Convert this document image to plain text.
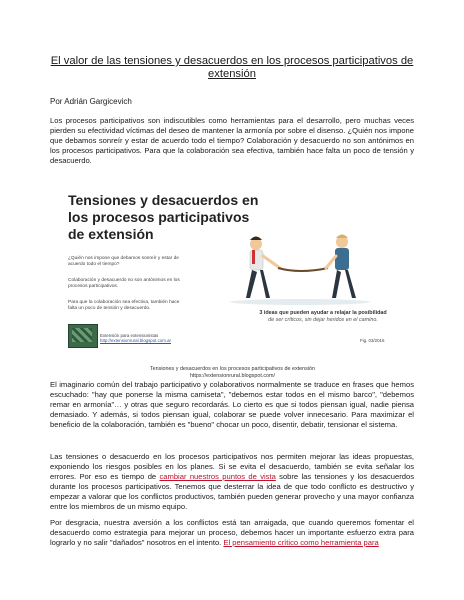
El valor de las tensiones y desacuerdos en los procesos participativos de extensión

Por Adrián Gargicevich

Los procesos participativos son indiscutibles como herramientas para el desarrollo, pero muchas veces pierden su efectividad víctimas del deseo de mantener la armonía por sobre el disenso. ¿Quién nos impone que debamos sonreír y estar de acuerdo todo el tiempo? Colaboración y desacuerdo no son antónimos en los procesos participativos. Para que la colaboración sea efectiva, también hace falta un poco de tensión y desacuerdo.

Tensiones y desacuerdos en los procesos participativos de extensión

¿Quién nos impone que debamos sonreír y estar de acuerdo todo el tiempo?

Colaboración y desacuerdo no son antónimos en los procesos participativos.

Para que la colaboración sea efectiva, también hace falta un poco de tensión y desacuerdo.

3 ideas que pueden ayudar a relajar la posibilidad
de ser críticos, sin dejar heridos en el camino.

Extensión para extensionistas

http://extensionrural.blogspot.com.ar	Fig. 03/2016

Tensiones y desacuerdos en los procesos participativos de extensión
https://extensionrural.blogspot.com/

El imaginario común del trabajo participativo y colaborativos normalmente se traduce en frases que hemos escuchado: "hay que ponerse la misma camiseta", "debemos estar todos en el mismo barco", "debemos remar en armonía"… y otras que seguro recordarás. Lo cierto es que si todos piensan igual, nadie piensa demasiado. Y además, si todos piensan igual, colaborar se puede volver innecesario. Para maximizar el beneficio de la colaboración, también es "bueno" chocar un poco, disentir, debatir, tensionar el sistema.

Las tensiones o desacuerdo en los procesos participativos nos permiten mejorar las ideas propuestas, exponiendo los riesgos posibles en los planes. Si se evita el desacuerdo, también se evita señalar los errores. Por eso es tiempo de cambiar nuestros puntos de vista sobre las tensiones y los desacuerdos durante los procesos participativos. Tenemos que desterrar la idea de que todo conflicto es destructivo y empezar a valorar que los conflictos productivos, también pueden generar provecho y una mayor confianza entre los miembros de un mismo equipo.

Por desgracia, nuestra aversión a los conflictos está tan arraigada, que cuando queremos fomentar el desacuerdo como estrategia para mejorar un proceso, debemos hacer un importante esfuerzo extra para lograrlo y no salir "dañados" nosotros en el intento. El pensamiento crítico como herramienta para
